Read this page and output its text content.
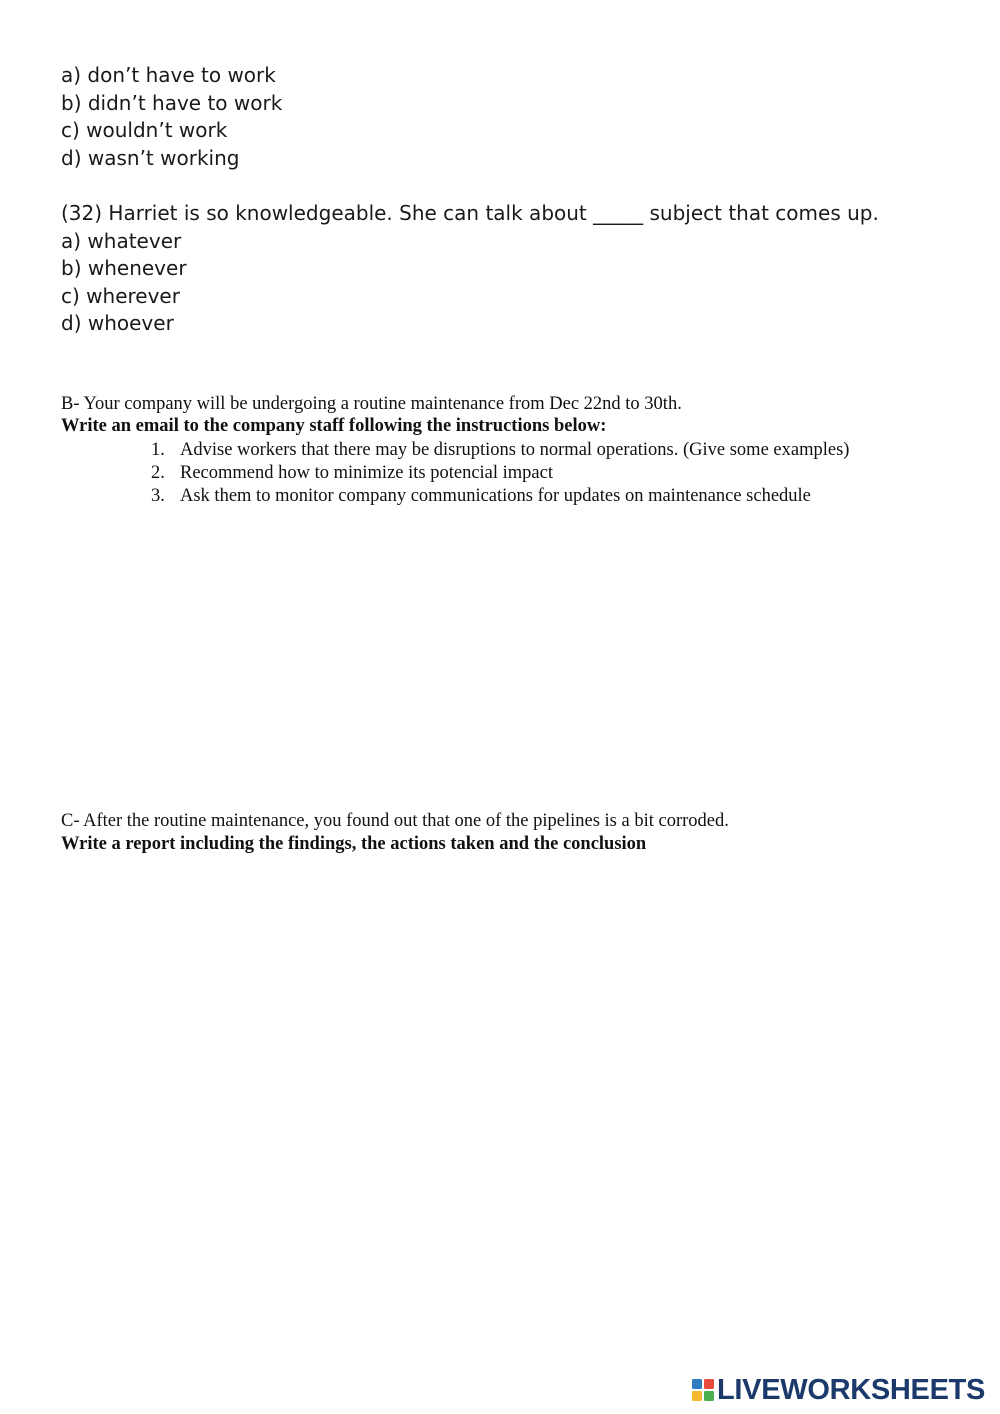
a) don’t have to work
b) didn’t have to work
c) wouldn’t work
d) wasn’t working
(32) Harriet is so knowledgeable. She can talk about _____ subject that comes up.
a) whatever
b) whenever
c) wherever
d) whoever
B- Your company will be undergoing a routine maintenance from Dec 22nd to 30th.
Write an email to the company staff following the instructions below:
1. Advise workers that there may be disruptions to normal operations. (Give some examples)
2. Recommend how to minimize its potencial impact
3. Ask them to monitor company communications for updates on maintenance schedule
C- After the routine maintenance, you found out that one of the pipelines is a bit corroded.
Write a report including the findings, the actions taken and the conclusion
LIVEWORKSHEETS
